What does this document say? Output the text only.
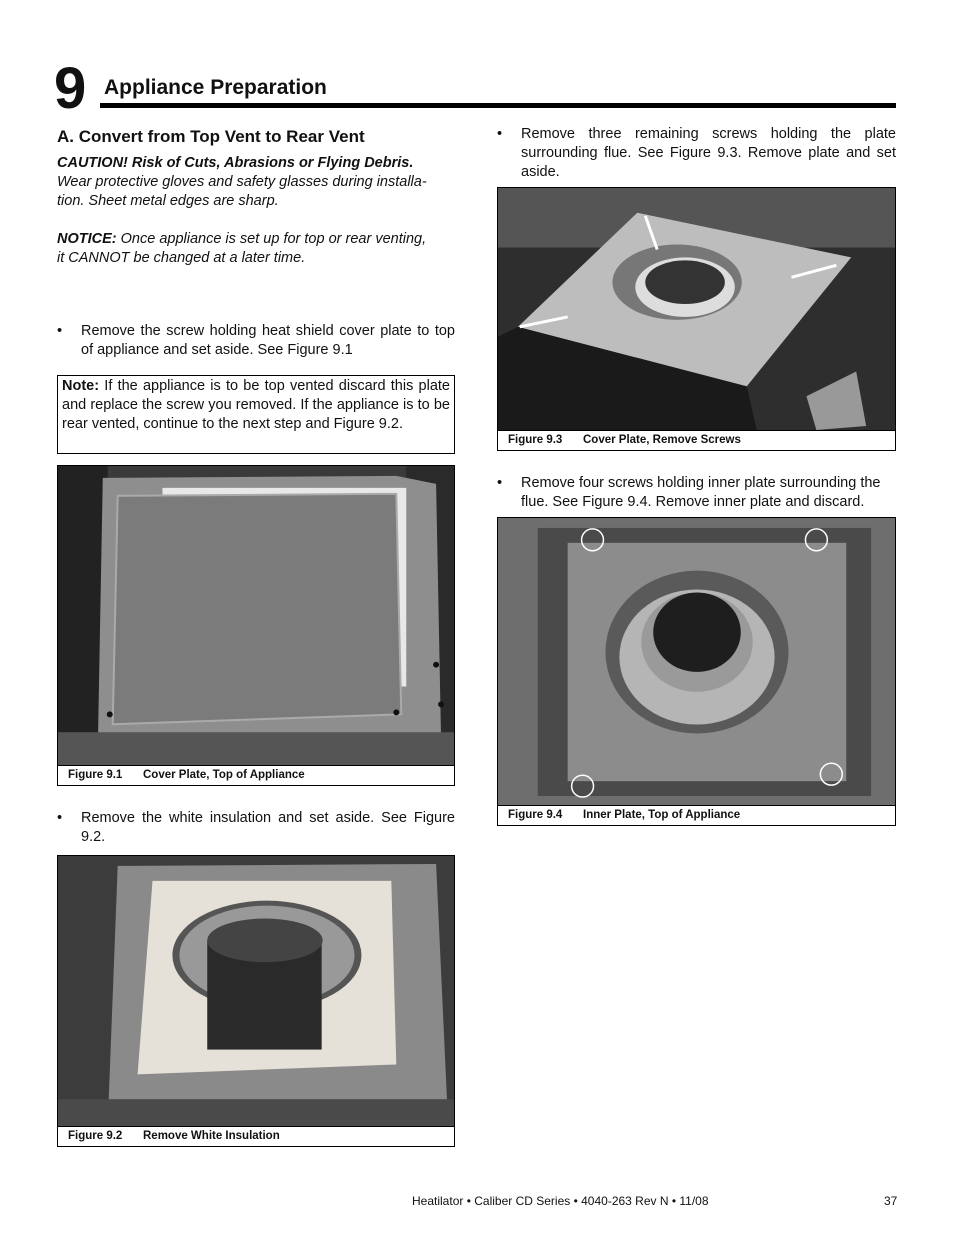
9 Appliance Preparation
A. Convert from Top Vent to Rear Vent
CAUTION! Risk of Cuts, Abrasions or Flying Debris.
Wear protective gloves and safety glasses during installa-
tion. Sheet metal edges are sharp.
NOTICE: Once appliance is set up for top or rear venting,
it CANNOT be changed at a later time.
• Remove the screw holding heat shield cover plate to top of appliance and set aside. See Figure 9.1
Note: If the appliance is to be top vented discard this plate and replace the screw you removed. If the appliance is to be rear vented, continue to the next step and Figure 9.2.
Figure 9.1 Cover Plate, Top of Appliance
• Remove the white insulation and set aside. See Figure 9.2.
Figure 9.2 Remove White Insulation
• Remove three remaining screws holding the plate surrounding flue. See Figure 9.3. Remove plate and set aside.
Figure 9.3 Cover Plate, Remove Screws
• Remove four screws holding inner plate surrounding the flue. See Figure 9.4. Remove inner plate and discard.
Figure 9.4 Inner Plate, Top of Appliance
Heatilator • Caliber CD Series • 4040-263 Rev N • 11/08	37
